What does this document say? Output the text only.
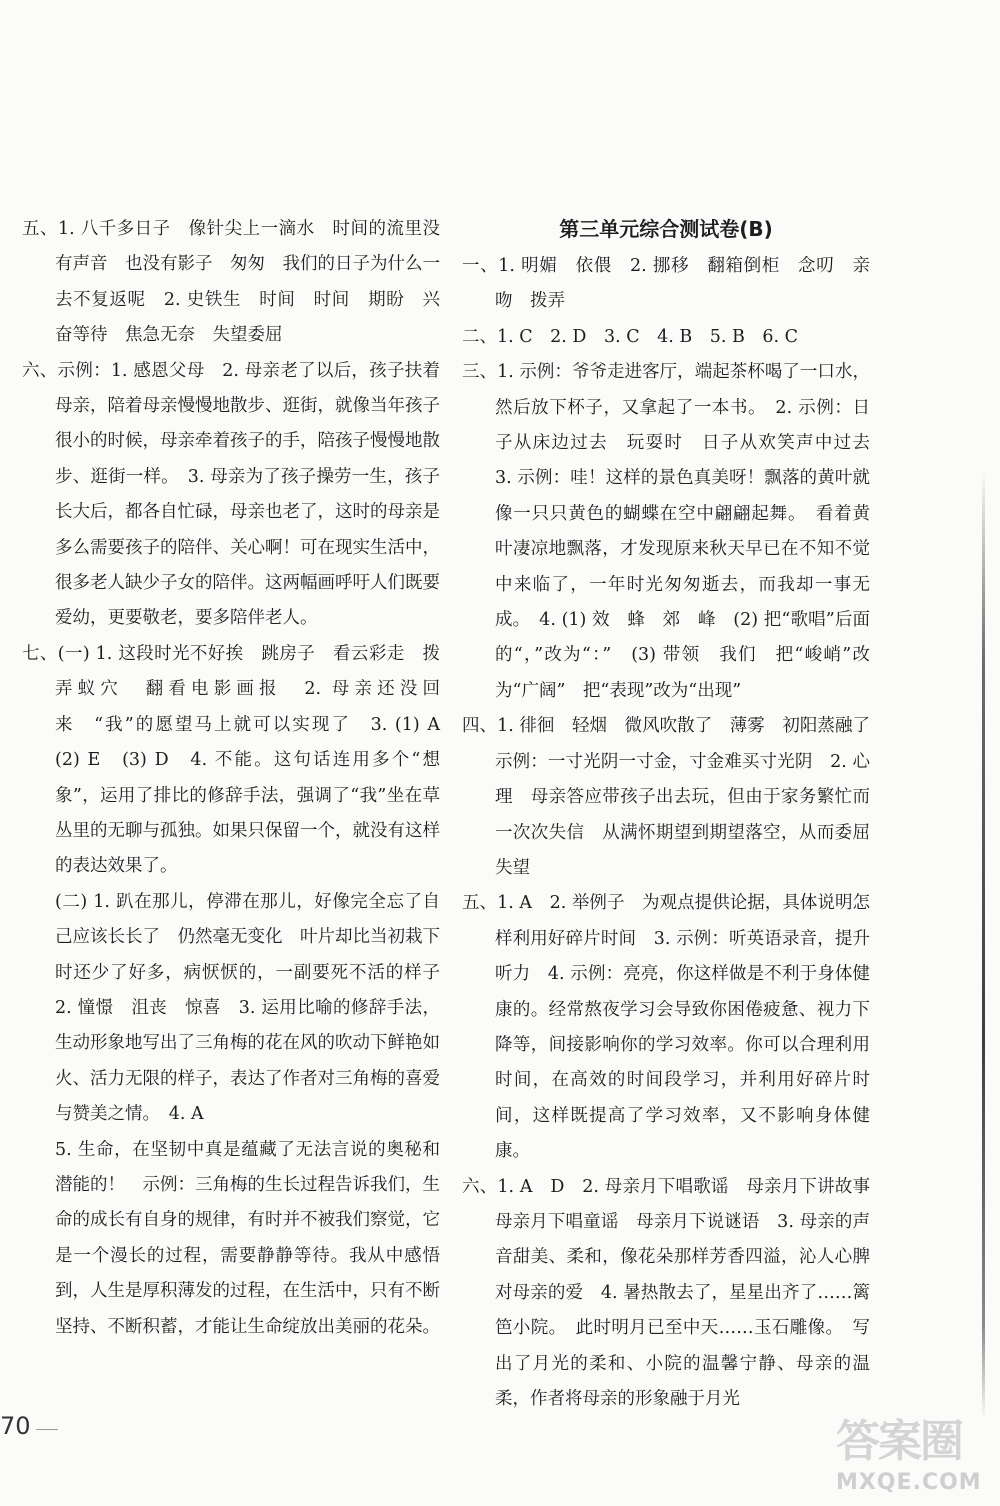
五、1. 八千多日子　像针尖上一滴水　时间的流里没有声音　也没有影子　匆匆　我们的日子为什么一去不复返呢　2. 史铁生　时间　时间　期盼　兴奋等待　焦急无奈　失望委屈
六、示例：1. 感恩父母　2. 母亲老了以后，孩子扶着母亲，陪着母亲慢慢地散步、逛街，就像当年孩子很小的时候，母亲牵着孩子的手，陪孩子慢慢地散步、逛街一样。　3. 母亲为了孩子操劳一生，孩子长大后，都各自忙碌，母亲也老了，这时的母亲是多么需要孩子的陪伴、关心啊！可在现实生活中，很多老人缺少子女的陪伴。这两幅画呼吁人们既要爱幼，更要敬老，要多陪伴老人。
七、(一) 1. 这段时光不好挨　跳房子　看云彩走　拨弄蚁穴　翻看电影画报　2. 母亲还没回来　“我”的愿望马上就可以实现了　3. (1) A　(2) E　(3) D　4. 不能。这句话连用多个“想象”，运用了排比的修辞手法，强调了“我”坐在草丛里的无聊与孤独。如果只保留一个，就没有这样的表达效果了。
(二) 1. 趴在那儿，停滞在那儿，好像完全忘了自己应该长长了　仍然毫无变化　叶片却比当初栽下时还少了好多，病恹恹的，一副要死不活的样子　2. 憧憬　沮丧　惊喜　3. 运用比喻的修辞手法，生动形象地写出了三角梅的花在风的吹动下鲜艳如火、活力无限的样子，表达了作者对三角梅的喜爱与赞美之情。　4. A
5. 生命，在坚韧中真是蕴藏了无法言说的奥秘和潜能的！　示例：三角梅的生长过程告诉我们，生命的成长有自身的规律，有时并不被我们察觉，它是一个漫长的过程，需要静静等待。我从中感悟到，人生是厚积薄发的过程，在生活中，只有不断坚持、不断积蓄，才能让生命绽放出美丽的花朵。
第三单元综合测试卷(B)
一、1. 明媚　依偎　2. 挪移　翻箱倒柜　念叨　亲吻　拨弄
二、1. C　2. D　3. C　4. B　5. B　6. C
三、1. 示例：爷爷走进客厅，端起茶杯喝了一口水，然后放下杯子，又拿起了一本书。　2. 示例：日子从床边过去　玩耍时　日子从欢笑声中过去　3. 示例：哇！这样的景色真美呀！飘落的黄叶就像一只只黄色的蝴蝶在空中翩翩起舞。　看着黄叶凄凉地飘落，才发现原来秋天早已在不知不觉中来临了，一年时光匆匆逝去，而我却一事无成。　4. (1) 效　蜂　郊　峰　(2) 把“歌唱”后面的“，”改为“：”　(3) 带领　我们　把“峻峭”改为“广阔”　把“表现”改为“出现”
四、1. 徘徊　轻烟　微风吹散了　薄雾　初阳蒸融了　示例：一寸光阴一寸金，寸金难买寸光阴　2. 心理　母亲答应带孩子出去玩，但由于家务繁忙而一次次失信　从满怀期望到期望落空，从而委屈失望
五、1. A　2. 举例子　为观点提供论据，具体说明怎样利用好碎片时间　3. 示例：听英语录音，提升听力　4. 示例：亮亮，你这样做是不利于身体健康的。经常熬夜学习会导致你困倦疲惫、视力下降等，间接影响你的学习效率。你可以合理利用时间，在高效的时间段学习，并利用好碎片时间，这样既提高了学习效率，又不影响身体健康。
六、1. A　D　2. 母亲月下唱歌谣　母亲月下讲故事　母亲月下唱童谣　母亲月下说谜语　3. 母亲的声音甜美、柔和，像花朵那样芳香四溢，沁人心脾　对母亲的爱　4. 暑热散去了，星星出齐了……篱笆小院。　此时明月已至中天……玉石雕像。　写出了月光的柔和、小院的温馨宁静、母亲的温柔，作者将母亲的形象融于月光
70	答案圈
MXQE.COM
